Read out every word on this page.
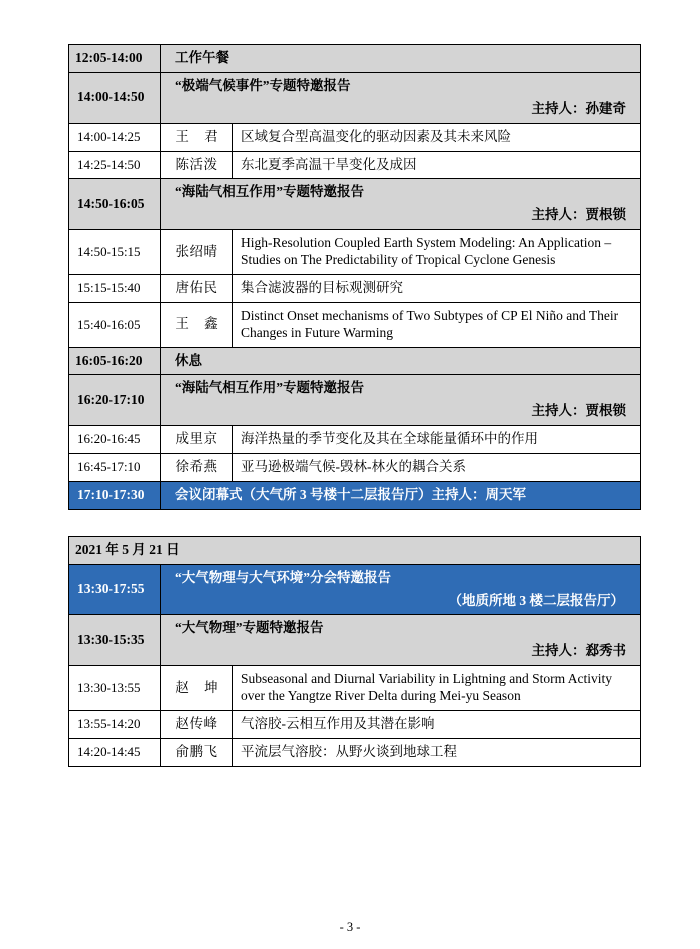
12:05-14:00	工作午餐	
14:00-14:50	“极端气候事件”专题特邀报告
主持人：孙建奇	

14:00-14:25	王 君	区域复合型高温变化的驱动因素及其未来风险
14:25-14:50	陈活泼	东北夏季高温干旱变化及成因
14:50-16:05	“海陆气相互作用”专题特邀报告
主持人：贾根锁	

14:50-15:15	张绍晴	High-Resolution Coupled Earth System Modeling: An Application – Studies on The Predictability of Tropical Cyclone Genesis
15:15-15:40	唐佑民	集合滤波器的目标观测研究
15:40-16:05	王 鑫	Distinct Onset mechanisms of Two Subtypes of CP El Niño and Their Changes in Future Warming
16:05-16:20	休息	
16:20-17:10	“海陆气相互作用”专题特邀报告
主持人：贾根锁	

16:20-16:45	成里京	海洋热量的季节变化及其在全球能量循环中的作用
16:45-17:10	徐希燕	亚马逊极端气候-毁林-林火的耦合关系
17:10-17:30	会议闭幕式（大气所 3 号楼十二层报告厅）主持人：周天军	
2021 年 5 月 21 日		
13:30-17:55	“大气物理与大气环境”分会特邀报告
（地质所地 3 楼二层报告厅）	

13:30-15:35	“大气物理”专题特邀报告
主持人：郄秀书	

13:30-13:55	赵 坤	Subseasonal and Diurnal Variability in Lightning and Storm Activity over the Yangtze River Delta during Mei-yu Season
13:55-14:20	赵传峰	气溶胶-云相互作用及其潜在影响
14:20-14:45	俞鹏飞	平流层气溶胶：从野火谈到地球工程
- 3 -
